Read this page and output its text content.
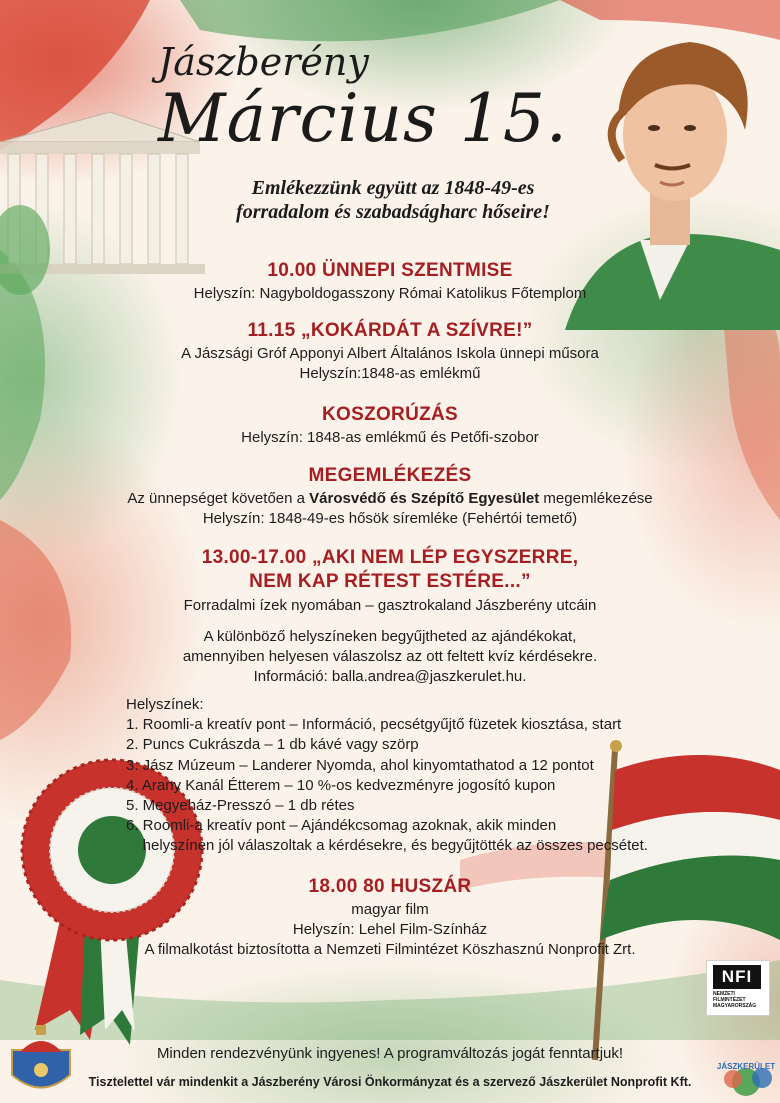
Jászberény
Március 15.
Emlékezzünk együtt az 1848-49-es
forradalom és szabadságharc hőseire!
10.00 ÜNNEPI SZENTMISE
Helyszín: Nagyboldogasszony Római Katolikus Főtemplom
11.15 „KOKÁRDÁT A SZÍVRE!”
A Jászsági Gróf Apponyi Albert Általános Iskola ünnepi műsora
Helyszín:1848-as emlékmű
KOSZORÚZÁS
Helyszín: 1848-as emlékmű és Petőfi-szobor
MEGEMLÉKEZÉS
Az ünnepséget követően a Városvédő és Szépítő Egyesület megemlékezése
Helyszín: 1848-49-es hősök síremléke (Fehértói temető)
13.00-17.00 „AKI NEM LÉP EGYSZERRE,
NEM KAP RÉTEST ESTÉRE...”
Forradalmi ízek nyomában – gasztrokaland Jászberény utcáin
A különböző helyszíneken begyűjtheted az ajándékokat,
amennyiben helyesen válaszolsz az ott feltett kvíz kérdésekre.
Információ: balla.andrea@jaszkerulet.hu.
Helyszínek:
1. Roomli-a kreatív pont – Információ, pecsétgyűjtő füzetek kiosztása, start
2. Puncs Cukrászda – 1 db kávé vagy szörp
3. Jász Múzeum – Landerer Nyomda, ahol kinyomtathatod a 12 pontot
4. Arany Kanál Étterem – 10 %-os kedvezményre jogosító kupon
5. Megyeház-Presszó – 1 db rétes
6. Roomli-a kreatív pont – Ajándékcsomag azoknak, akik minden
helyszínen jól válaszoltak a kérdésekre, és begyűjtötték az összes pecsétet.
18.00 80 HUSZÁR
magyar film
Helyszín: Lehel Film-Színház
A filmalkotást biztosította a Nemzeti Filmintézet Köszhasznú Nonprofit Zrt.
NFI
NEMZETI
FILMINTÉZET
MAGYARORSZÁG
Minden rendezvényünk ingyenes! A programváltozás jogát fenntartjuk!
Tisztelettel vár mindenkit a Jászberény Városi Önkormányzat és a szervező Jászkerület Nonprofit Kft.
JÁSZKERÜLET
